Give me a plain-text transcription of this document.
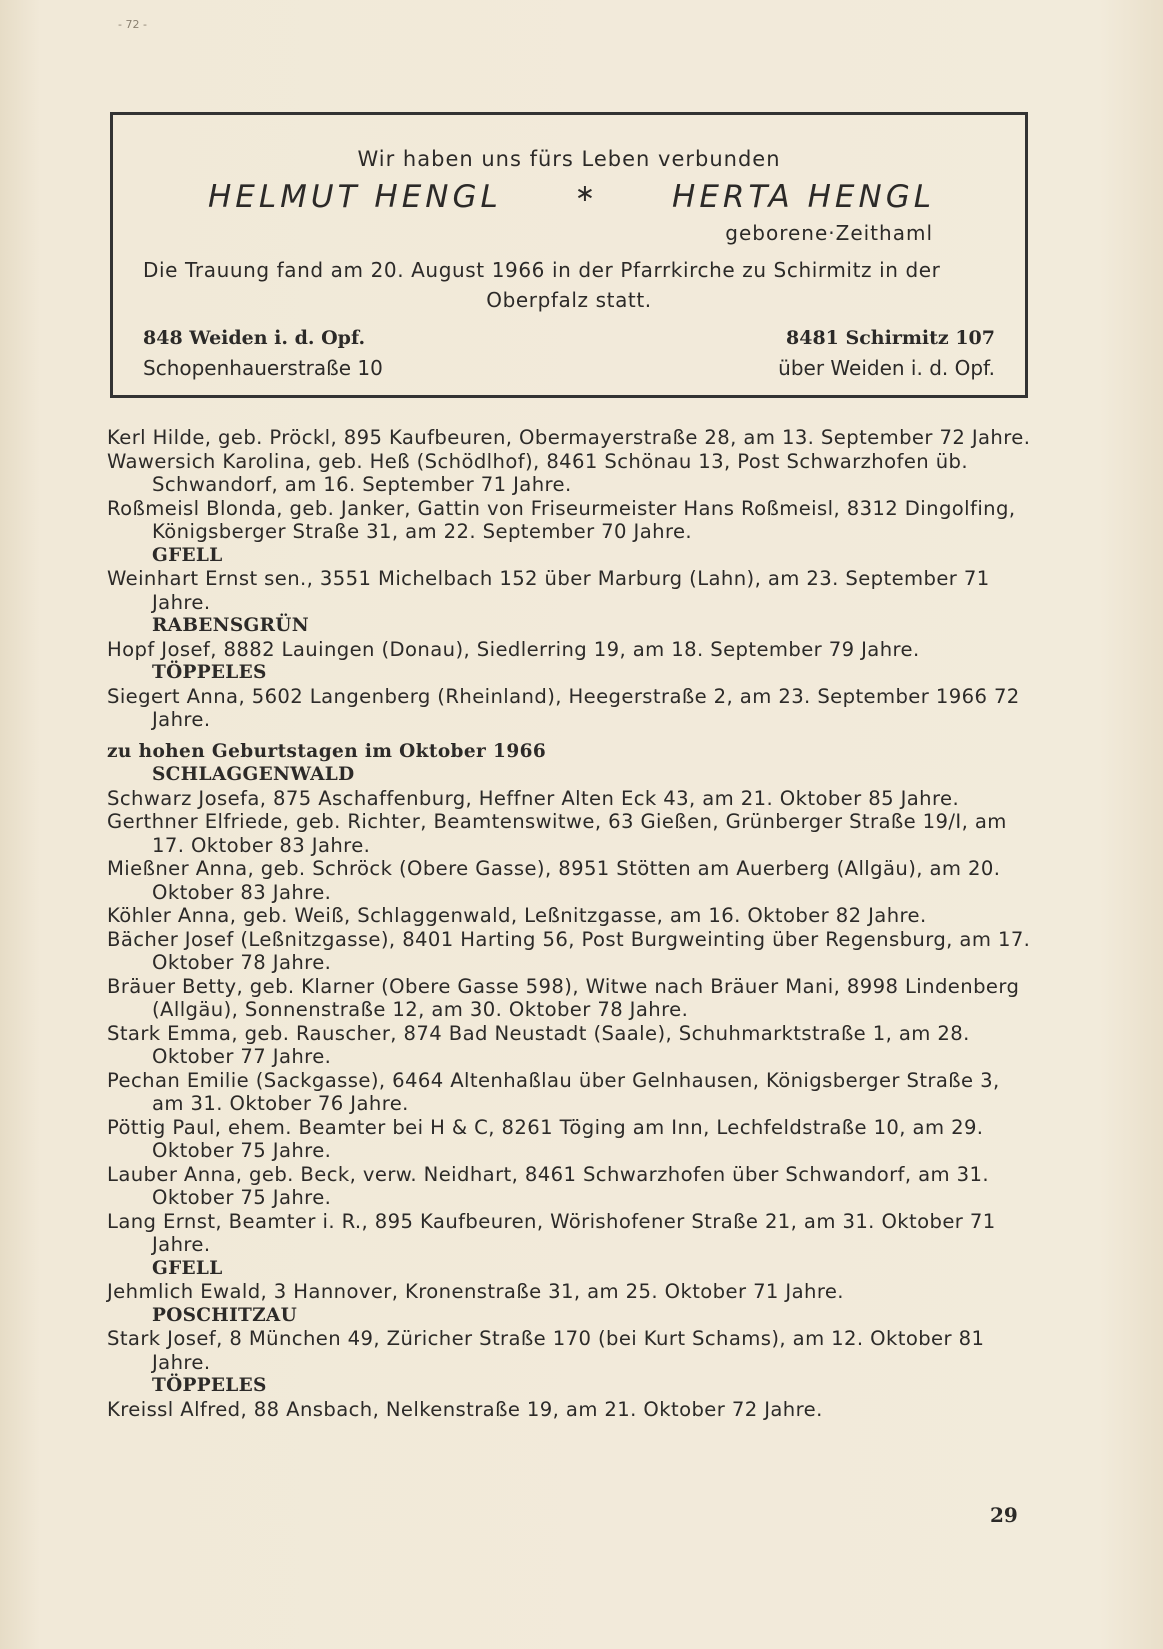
- 72 -
Wir haben uns fürs Leben verbunden
HELMUT HENGL	∗ HERTA HENGL
geborene·Zeithaml
Die Trauung fand am 20. August 1966 in der Pfarrkirche zu Schirmitz in der
Oberpfalz statt.
848 Weiden i. d. Opf.
Schopenhauerstraße 10
8481 Schirmitz 107
über Weiden i. d. Opf.

Kerl Hilde, geb. Pröckl, 895 Kaufbeuren, Obermayerstraße 28, am 13. September 72 Jahre.

Wawersich Karolina, geb. Heß (Schödlhof), 8461 Schönau 13, Post Schwarzhofen üb. Schwandorf, am 16. September 71 Jahre.

Roßmeisl Blonda, geb. Janker, Gattin von Friseurmeister Hans Roßmeisl, 8312 Dingolfing, Königsberger Straße 31, am 22. September 70 Jahre.

GFELL

Weinhart Ernst sen., 3551 Michelbach 152 über Marburg (Lahn), am 23. September 71 Jahre.

RABENSGRÜN

Hopf Josef, 8882 Lauingen (Donau), Siedlerring 19, am 18. September 79 Jahre.

TÖPPELES

Siegert Anna, 5602 Langenberg (Rheinland), Heegerstraße 2, am 23. September 1966 72 Jahre.

zu hohen Geburtstagen im Oktober 1966

SCHLAGGENWALD

Schwarz Josefa, 875 Aschaffenburg, Heffner Alten Eck 43, am 21. Oktober 85 Jahre.

Gerthner Elfriede, geb. Richter, Beamtenswitwe, 63 Gießen, Grünberger Straße 19/I, am 17. Oktober 83 Jahre.

Mießner Anna, geb. Schröck (Obere Gasse), 8951 Stötten am Auerberg (Allgäu), am 20. Oktober 83 Jahre.

Köhler Anna, geb. Weiß, Schlaggenwald, Leßnitzgasse, am 16. Oktober 82 Jahre.

Bächer Josef (Leßnitzgasse), 8401 Harting 56, Post Burgweinting über Regensburg, am 17. Oktober 78 Jahre.

Bräuer Betty, geb. Klarner (Obere Gasse 598), Witwe nach Bräuer Mani, 8998 Lindenberg (Allgäu), Sonnenstraße 12, am 30. Oktober 78 Jahre.

Stark Emma, geb. Rauscher, 874 Bad Neustadt (Saale), Schuhmarktstraße 1, am 28. Oktober 77 Jahre.

Pechan Emilie (Sackgasse), 6464 Altenhaßlau über Gelnhausen, Königsberger Straße 3, am 31. Oktober 76 Jahre.

Pöttig Paul, ehem. Beamter bei H & C, 8261 Töging am Inn, Lechfeldstraße 10, am 29. Oktober 75 Jahre.

Lauber Anna, geb. Beck, verw. Neidhart, 8461 Schwarzhofen über Schwandorf, am 31. Oktober 75 Jahre.

Lang Ernst, Beamter i. R., 895 Kaufbeuren, Wörishofener Straße 21, am 31. Oktober 71 Jahre.

GFELL

Jehmlich Ewald, 3 Hannover, Kronenstraße 31, am 25. Oktober 71 Jahre.

POSCHITZAU

Stark Josef, 8 München 49, Züricher Straße 170 (bei Kurt Schams), am 12. Oktober 81 Jahre.

TÖPPELES

Kreissl Alfred, 88 Ansbach, Nelkenstraße 19, am 21. Oktober 72 Jahre.

29
